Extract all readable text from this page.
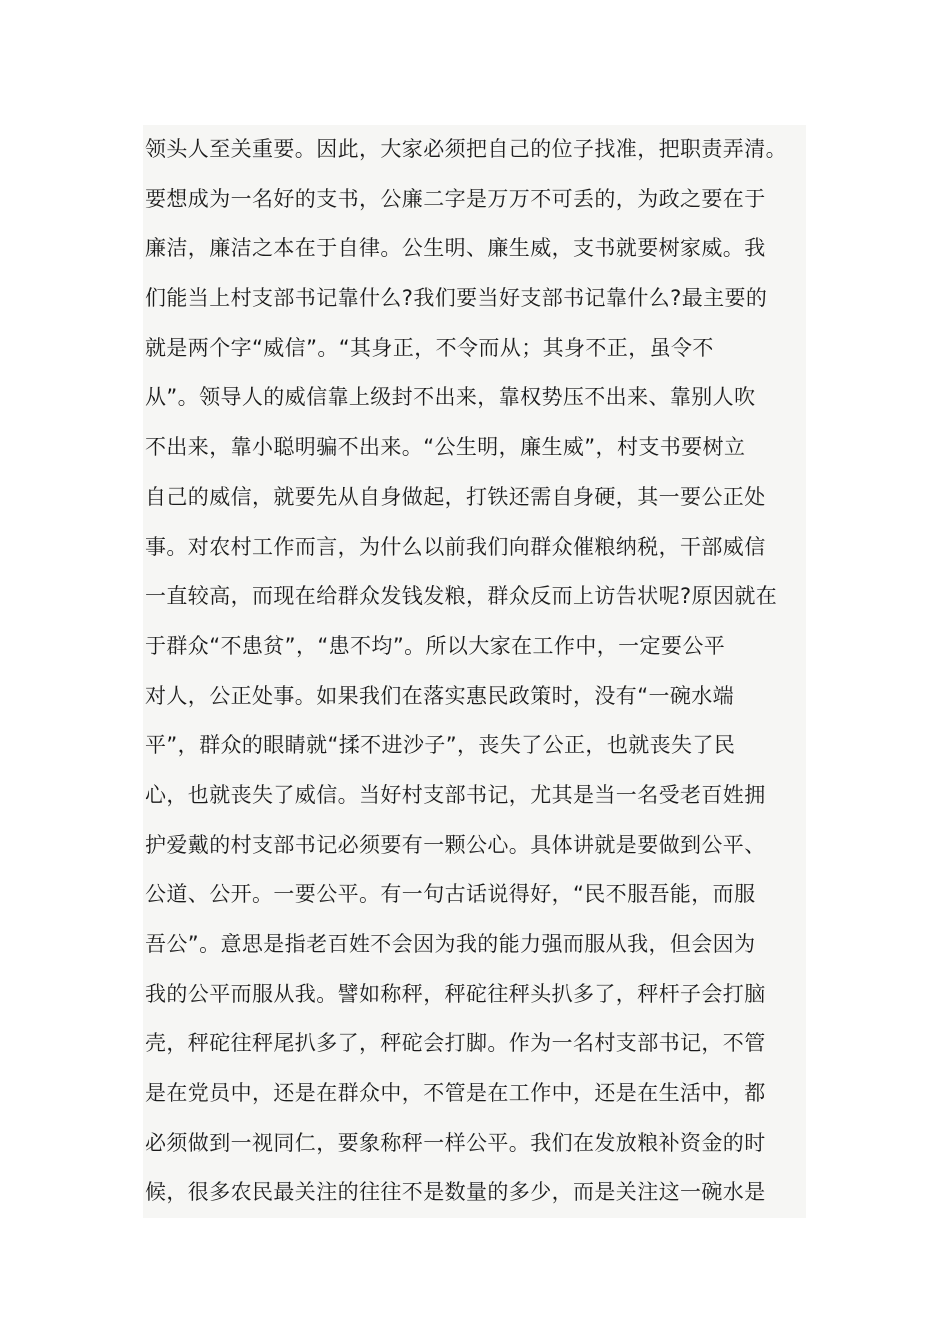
领头人至关重要。因此，大家必须把自己的位子找准，把职责弄清。
要想成为一名好的支书，公廉二字是万万不可丢的，为政之要在于
廉洁，廉洁之本在于自律。公生明、廉生威，支书就要树家威。我
们能当上村支部书记靠什么?我们要当好支部书记靠什么?最主要的
就是两个字“威信”。“其身正，不令而从；其身不正，虽令不
从”。领导人的威信靠上级封不出来，靠权势压不出来、靠别人吹
不出来，靠小聪明骗不出来。“公生明，廉生威”，村支书要树立
自己的威信，就要先从自身做起，打铁还需自身硬，其一要公正处
事。对农村工作而言，为什么以前我们向群众催粮纳税，干部威信
一直较高，而现在给群众发钱发粮，群众反而上访告状呢?原因就在
于群众“不患贫”，“患不均”。所以大家在工作中，一定要公平
对人，公正处事。如果我们在落实惠民政策时，没有“一碗水端
平”，群众的眼睛就“揉不进沙子”，丧失了公正，也就丧失了民
心，也就丧失了威信。当好村支部书记，尤其是当一名受老百姓拥
护爱戴的村支部书记必须要有一颗公心。具体讲就是要做到公平、
公道、公开。一要公平。有一句古话说得好，“民不服吾能，而服
吾公”。意思是指老百姓不会因为我的能力强而服从我，但会因为
我的公平而服从我。譬如称秤，秤砣往秤头扒多了，秤杆子会打脑
壳，秤砣往秤尾扒多了，秤砣会打脚。作为一名村支部书记，不管
是在党员中，还是在群众中，不管是在工作中，还是在生活中，都
必须做到一视同仁，要象称秤一样公平。我们在发放粮补资金的时
候，很多农民最关注的往往不是数量的多少，而是关注这一碗水是
